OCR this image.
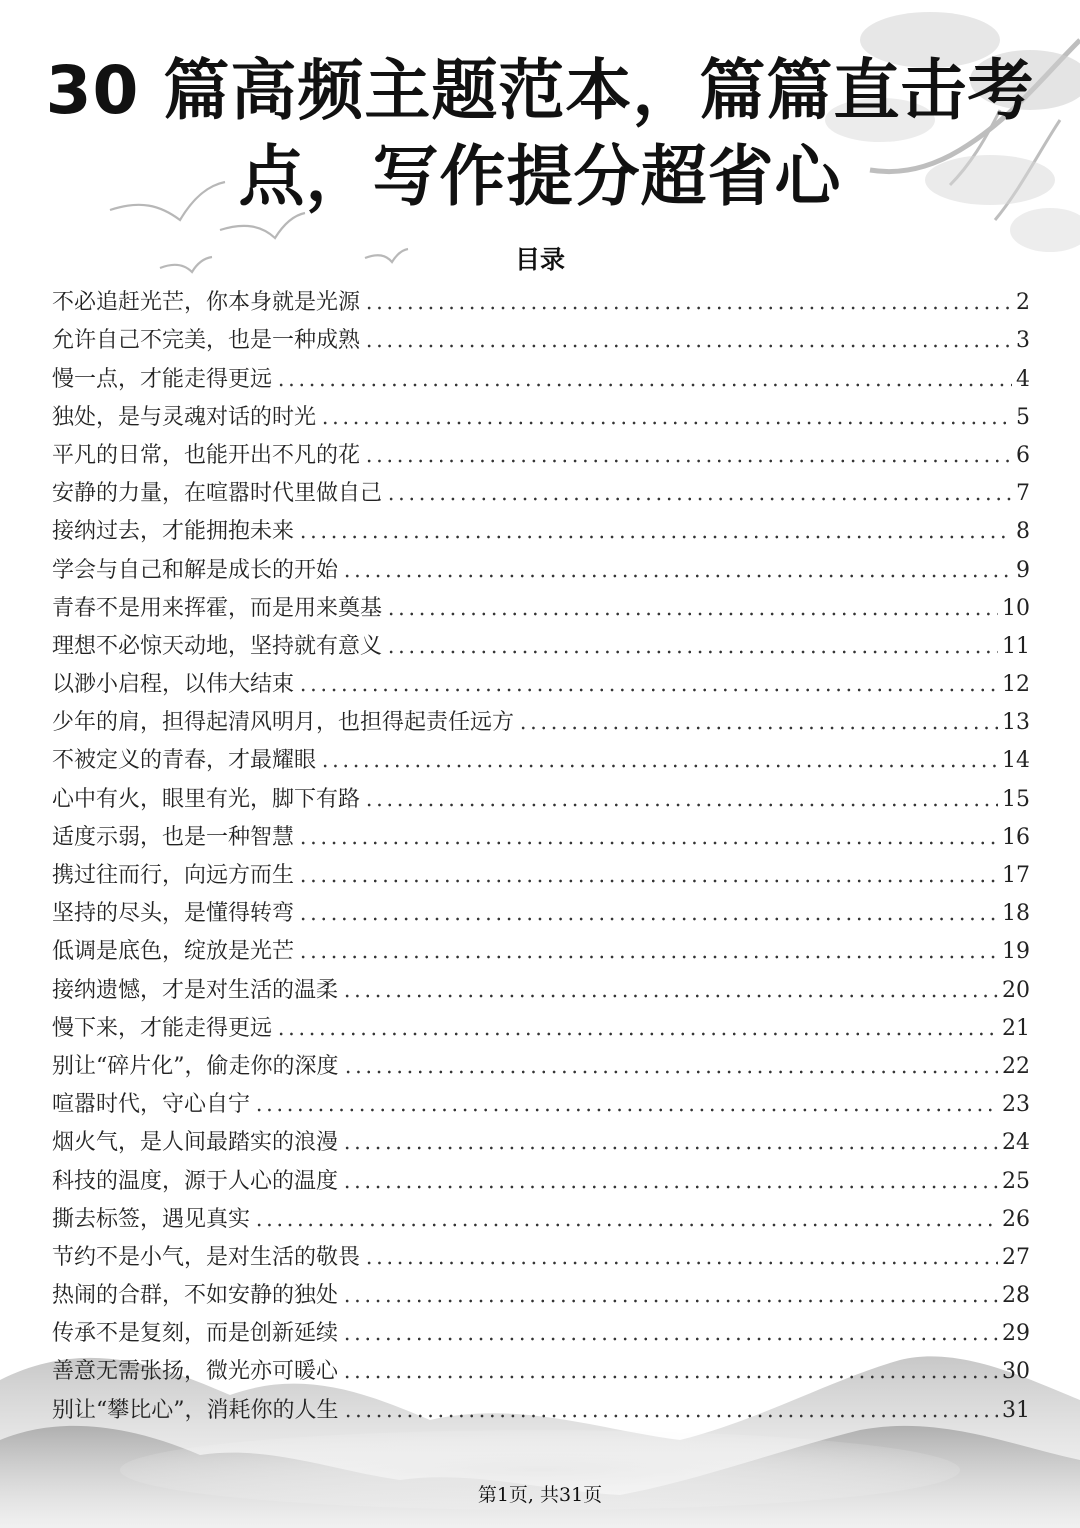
30 篇高频主题范本，篇篇直击考
点，写作提分超省心
目录
不必追赶光芒，你本身就是光源	2
允许自己不完美，也是一种成熟	3
慢一点，才能走得更远	4
独处，是与灵魂对话的时光	5
平凡的日常，也能开出不凡的花	6
安静的力量，在喧嚣时代里做自己	7
接纳过去，才能拥抱未来	8
学会与自己和解是成长的开始	9
青春不是用来挥霍，而是用来奠基	10
理想不必惊天动地，坚持就有意义	11
以渺小启程，以伟大结束	12
少年的肩，担得起清风明月，也担得起责任远方	13
不被定义的青春，才最耀眼	14
心中有火，眼里有光，脚下有路	15
适度示弱，也是一种智慧	16
携过往而行，向远方而生	17
坚持的尽头，是懂得转弯	18
低调是底色，绽放是光芒	19
接纳遗憾，才是对生活的温柔	20
慢下来，才能走得更远	21
别让“碎片化”，偷走你的深度	22
喧嚣时代，守心自宁	23
烟火气，是人间最踏实的浪漫	24
科技的温度，源于人心的温度	25
撕去标签，遇见真实	26
节约不是小气，是对生活的敬畏	27
热闹的合群，不如安静的独处	28
传承不是复刻，而是创新延续	29
善意无需张扬，微光亦可暖心	30
别让“攀比心”，消耗你的人生	31
第1页, 共31页
